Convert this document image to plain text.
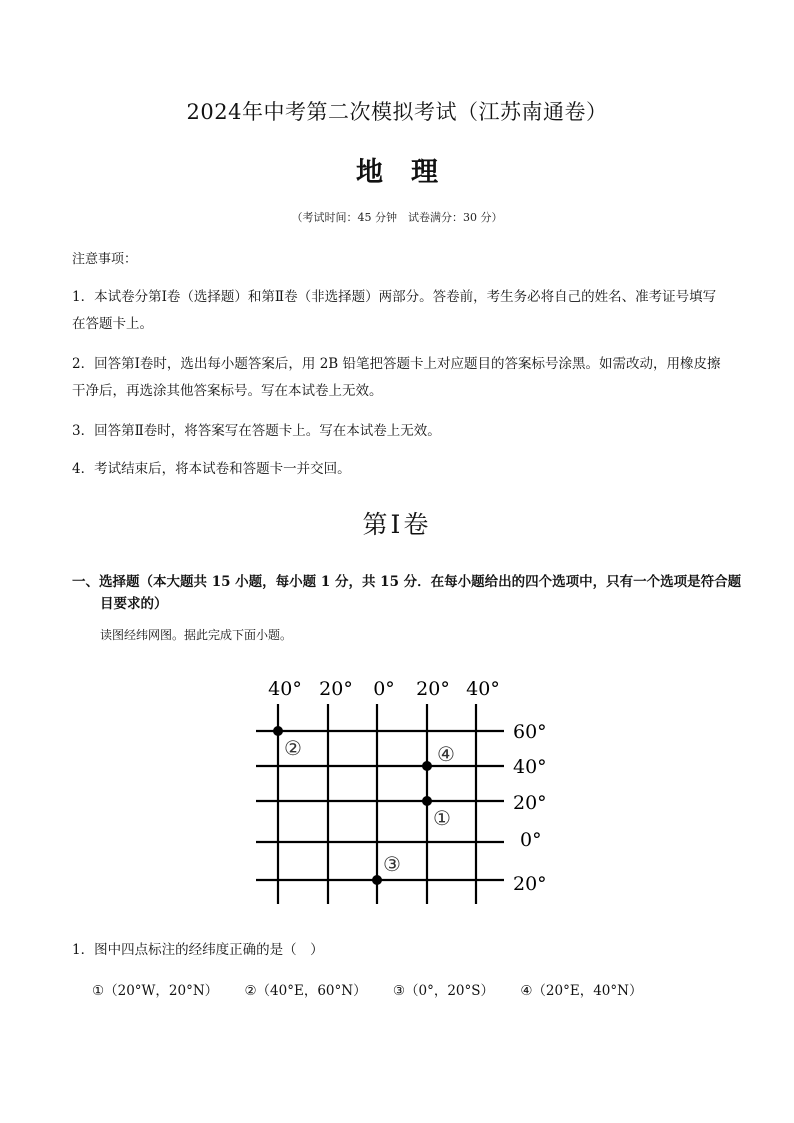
2024年中考第二次模拟考试（江苏南通卷）
地理
（考试时间：45 分钟　试卷满分：30 分）
注意事项：
1．本试卷分第Ⅰ卷（选择题）和第Ⅱ卷（非选择题）两部分。答卷前，考生务必将自己的姓名、准考证号填写在答题卡上。
2．回答第Ⅰ卷时，选出每小题答案后，用 2B 铅笔把答题卡上对应题目的答案标号涂黑。如需改动，用橡皮擦干净后，再选涂其他答案标号。写在本试卷上无效。
3．回答第Ⅱ卷时，将答案写在答题卡上。写在本试卷上无效。
4．考试结束后，将本试卷和答题卡一并交回。
第Ⅰ卷
一、选择题（本大题共 15 小题，每小题 1 分，共 15 分．在每小题给出的四个选项中，只有一个选项是符合题目要求的）
读图经纬网图。据此完成下面小题。
40° 20° 0° 20° 40°
60°
40°
20°
0°
20°
②	④
①
③
1．图中四点标注的经纬度正确的是（　）
①（20°W，20°N） ②（40°E，60°N） ③（0°，20°S） ④（20°E，40°N）
